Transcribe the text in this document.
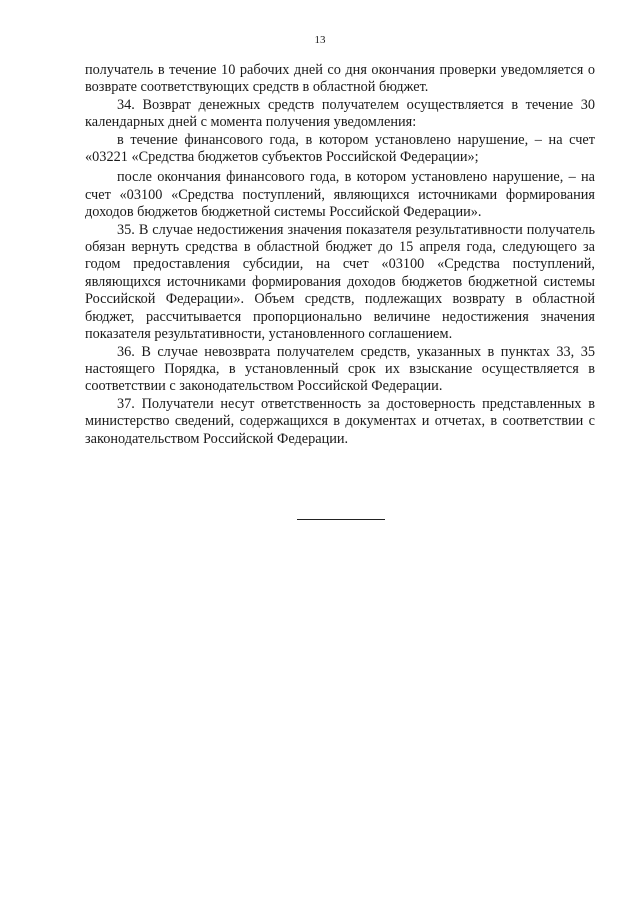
13

получатель в течение 10 рабочих дней со дня окончания проверки уведомляется о возврате соответствующих средств в областной бюджет.

34. Возврат денежных средств получателем осуществляется в течение 30 календарных дней с момента получения уведомления:

в течение финансового года, в котором установлено нарушение, – на счет «03221 «Средства бюджетов субъектов Российской Федерации»;

после окончания финансового года, в котором установлено нарушение, – на счет «03100 «Средства поступлений, являющихся источниками формирования доходов бюджетов бюджетной системы Российской Федерации».

35. В случае недостижения значения показателя результативности получатель обязан вернуть средства в областной бюджет до 15 апреля года, следующего за годом предоставления субсидии, на счет «03100 «Средства поступлений, являющихся источниками формирования доходов бюджетов бюджетной системы Российской Федерации». Объем средств, подлежащих возврату в областной бюджет, рассчитывается пропорционально величине недостижения значения показателя результативности, установленного соглашением.

36. В случае невозврата получателем средств, указанных в пунктах 33, 35 настоящего Порядка, в установленный срок их взыскание осуществляется в соответствии с законодательством Российской Федерации.

37. Получатели несут ответственность за достоверность представленных в министерство сведений, содержащихся в документах и отчетах, в соответствии с законодательством Российской Федерации.
